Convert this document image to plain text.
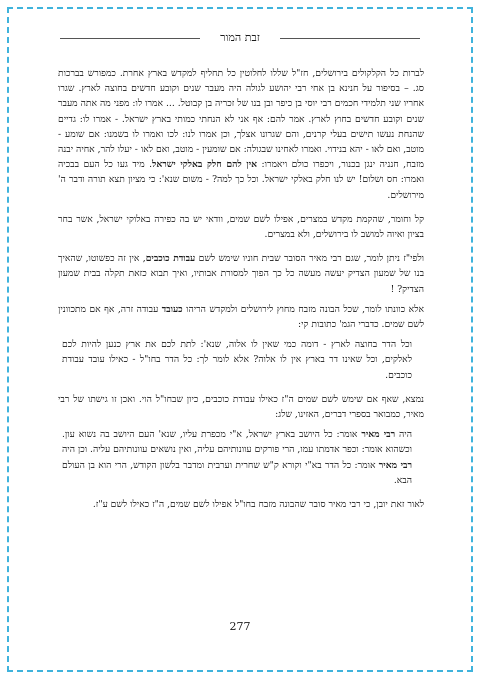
זבת המור

לברות כל הקלקולים בירושלים, חז"ל שללו לחלוטין כל תחליף למקדש בארץ אחרת. כמפורש בברכות סג. – בסיפור על חנינא בן אחי רבי יהושע לגולה היה מעבר שנים וקובע חדשים בחוצה לארץ. שגרו אחריו שני תלמידי חכמים רבי יוסי בן כיפר ובן בנו של זכריה בן קבוטל. ... אמרו לו: מפני מה אתה מעבר שנים וקובע חדשים בחוץ לארץ. אמר להם: אף אני לא הנחתי כמותי בארץ ישראל. - אמרו לו: גדיים שהנחת נעשו תישים בעלי קרנים, והם שגרונו אצלך, וכן אמרו לנו: לכו ואמרו לו בשמנו: אם שומע - מוטב, ואם לאו - יהא בנידוי. ואמרו לאחינו שבגולה: אם שומעין - מוטב, ואם לאו - יעלו להר, אחיה יבנה מזבח, חנניה ינגן בכנור, ויכפרו כולם ויאמרו: אין להם חלק באלקי ישראל. מיד געו כל העם בבכיה ואמרו: חס ושלום! יש לנו חלק באלקי ישראל. וכל כך למה? - משום שנא': כי מציון תצא תורה ודבר ה' מירושלים.

קל וחומר, שהקמת מקדש במצרים, אפילו לשם שמים, וודאי יש בה כפירה באלוקי ישראל, אשר בחר בציון ואיוה למושב לו בירושלים, ולא במצרים.

ולפי"ז ניתן לומר, שגם רבי מאיר הסובר שבית חוניו שימש לשם עבודת כוכבים, אין זה כפשוטו, שהאיך בנו של שמעון הצדיק יעשה מעשה כל כך הפוך למסורת אבותיו, ואיך תבוא כזאת תקלה בבית שמעון הצדיק? !

אלא כוונתו לומר, שכל הבונה מזבח מחוץ לירושלים ולמקדש הריהו כעובד עבודה זרה, אף אם מתכוונין לשם שמים. כדברי הגמ' כתובות קי:

וכל הדר בחוצה לארץ - דומה כמי שאין לו אלוה, שנא': לתת לכם את ארץ כנען להיות לכם לאלקים, וכל שאינו דר בארץ אין לו אלוה? אלא לומר לך: כל הדר בחו"ל - כאילו עובד עבודת כוכבים.

נמצא, שאף אם שימש לשם שמים ה"ז כאילו עבודת כוכבים, כיון שבחו"ל הוי. ואכן זו גישתו של רבי מאיר, כמבואר בספרי דברים, האזינו, שלג:

היה רבי מאיר אומר: כל היושב בארץ ישראל, א"י מכפרת עליו, שנא' העם היושב בה נשוא עון. וכשהוא אומר: וכפר אדמתו עמו, הרי פורקים עוונותיהם עליה, ואין נושאים עוונותיהם עליה. וכן היה רבי מאיר אומר: כל הדר בא"י וקורא ק"ש שחרית וערבית ומדבר בלשון הקודש, הרי הוא בן העולם הבא.

לאור זאת יובן, כי רבי מאיר סובר שהבונה מזבח בחו"ל אפילו לשם שמים, ה"ז כאילו לשם ע"ז.

277
